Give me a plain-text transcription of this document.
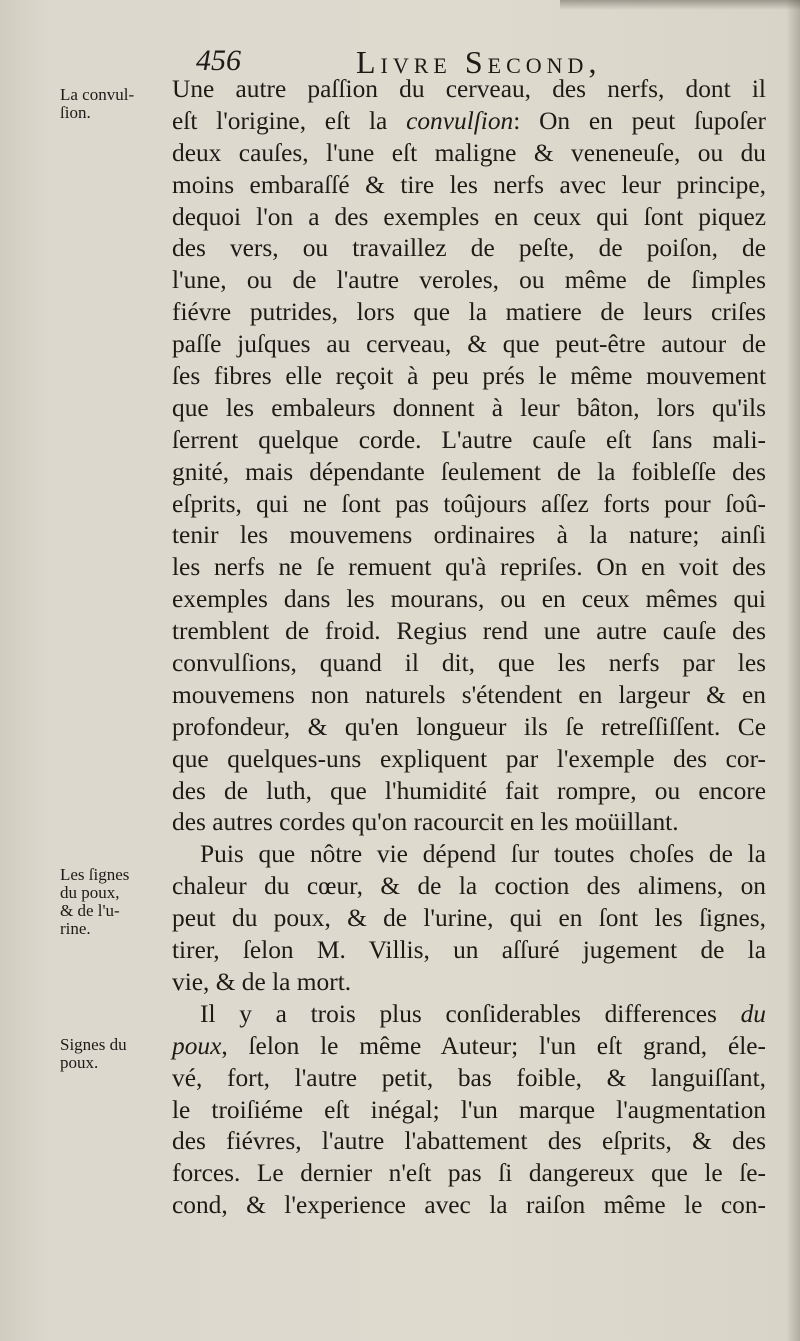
456	Livre Second,
La convul-
ſion.
Les ſignes
du poux,
& de l'u-
rine.
Signes du
poux.
Une autre paſſion du cerveau, des nerfs, dont il
eſt l'origine, eſt la convulſion: On en peut ſupoſer
deux cauſes, l'une eſt maligne & veneneuſe, ou du
moins embaraſſé & tire les nerfs avec leur principe,
dequoi l'on a des exemples en ceux qui ſont piquez
des vers, ou travaillez de peſte, de poiſon, de
l'une, ou de l'autre veroles, ou même de ſimples
fiévre putrides, lors que la matiere de leurs criſes
paſſe juſques au cerveau, & que peut-être autour de
ſes fibres elle reçoit à peu prés le même mouvement
que les embaleurs donnent à leur bâton, lors qu'ils
ſerrent quelque corde. L'autre cauſe eſt ſans mali-
gnité, mais dépendante ſeulement de la foibleſſe des
eſprits, qui ne ſont pas toûjours aſſez forts pour ſoû-
tenir les mouvemens ordinaires à la nature; ainſi
les nerfs ne ſe remuent qu'à repriſes. On en voit des
exemples dans les mourans, ou en ceux mêmes qui
tremblent de froid. Regius rend une autre cauſe des
convulſions, quand il dit, que les nerfs par les
mouvemens non naturels s'étendent en largeur & en
profondeur, & qu'en longueur ils ſe retreſſiſſent. Ce
que quelques-uns expliquent par l'exemple des cor-
des de luth, que l'humidité fait rompre, ou encore
des autres cordes qu'on racourcit en les moüillant.
Puis que nôtre vie dépend ſur toutes choſes de la
chaleur du cœur, & de la coction des alimens, on
peut du poux, & de l'urine, qui en ſont les ſignes,
tirer, ſelon M. Villis, un aſſuré jugement de la
vie, & de la mort.
Il y a trois plus conſiderables differences du
poux, ſelon le même Auteur; l'un eſt grand, éle-
vé, fort, l'autre petit, bas foible, & languiſſant,
le troiſiéme eſt inégal; l'un marque l'augmentation
des fiévres, l'autre l'abattement des eſprits, & des
forces. Le dernier n'eſt pas ſi dangereux que le ſe-
cond, & l'experience avec la raiſon même le con-
